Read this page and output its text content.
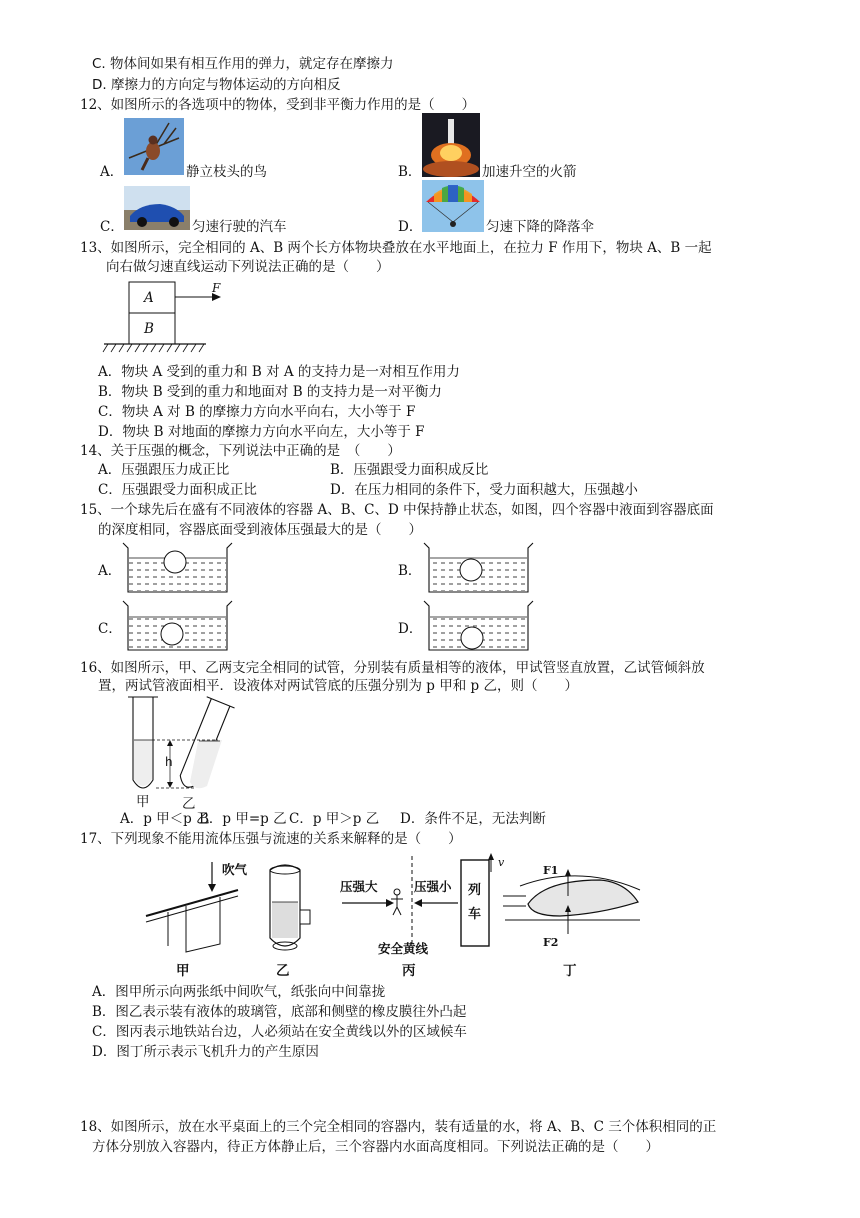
C. 物体间如果有相互作用的弹力，就定存在摩擦力
D. 摩擦力的方向定与物体运动的方向相反
12、如图所示的各选项中的物体，受到非平衡力作用的是（　　）
A．	静立枝头的鸟	B．	加速升空的火箭
C．	匀速行驶的汽车	D．	匀速下降的降落伞
13、如图所示，完全相同的 A、B 两个长方体物块叠放在水平地面上，在拉力 F 作用下，物块 A、B 一起
向右做匀速直线运动下列说法正确的是（　　）
A
B
F
A．物块 A 受到的重力和 B 对 A 的支持力是一对相互作用力
B．物块 B 受到的重力和地面对 B 的支持力是一对平衡力
C．物块 A 对 B 的摩擦力方向水平向右，大小等于 F
D．物块 B 对地面的摩擦力方向水平向左，大小等于 F
14、关于压强的概念，下列说法中正确的是　（　　）
A．压强跟压力成正比	B．压强跟受力面积成反比
C．压强跟受力面积成正比	D．在压力相同的条件下，受力面积越大，压强越小
15、一个球先后在盛有不同液体的容器 A、B、C、D 中保持静止状态，如图，四个容器中液面到容器底面
的深度相同，容器底面受到液体压强最大的是（　　）
A．	B．
C．	D．
16、如图所示，甲、乙两支完全相同的试管，分别装有质量相等的液体，甲试管竖直放置，乙试管倾斜放
置，两试管液面相平．设液体对两试管底的压强分别为 p 甲和 p 乙，则（　　）
h
甲 乙
A．p 甲＜p 乙
B．p 甲=p 乙 C．p 甲＞p 乙 D．条件不足，无法判断
17、下列现象不能用流体压强与流速的关系来解释的是（　　）
吹气
压强大	压强小 列
车
v
安全黄线
F1
F2
甲	乙	丙	丁
A．图甲所示向两张纸中间吹气，纸张向中间靠拢
B．图乙表示装有液体的玻璃管，底部和侧壁的橡皮膜往外凸起
C．图丙表示地铁站台边，人必须站在安全黄线以外的区域候车
D．图丁所示表示飞机升力的产生原因
18、如图所示，放在水平桌面上的三个完全相同的容器内，装有适量的水，将 A、B、C 三个体积相同的正
方体分别放入容器内，待正方体静止后，三个容器内水面高度相同。下列说法正确的是（　　）
